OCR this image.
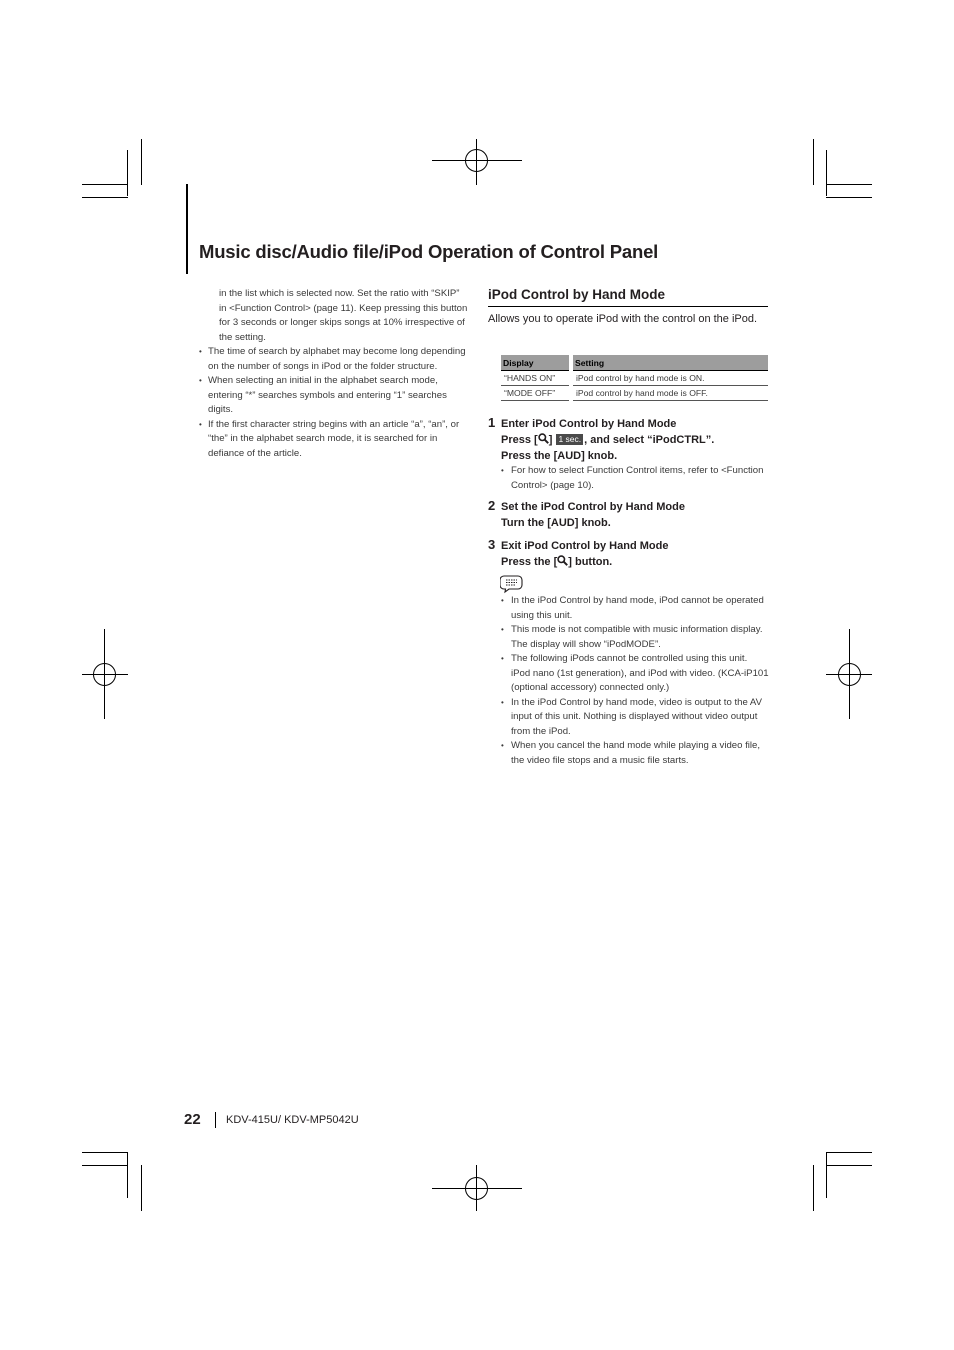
Music disc/Audio file/iPod Operation of Control Panel

in the list which is selected now. Set the ratio with “SKIP” in <Function Control> (page 11). Keep pressing this button for 3 seconds or longer skips songs at 10% irrespective of the setting.

• The time of search by alphabet may become long depending on the number of songs in iPod or the folder structure.
• When selecting an initial in the alphabet search mode, entering “*” searches symbols and entering “1” searches digits.
• If the first character string begins with an article “a”, “an”, or “the” in the alphabet search mode, it is searched for in defiance of the article.
iPod Control by Hand Mode
Allows you to operate iPod with the control on the iPod.
Display		Setting
“HANDS ON”		iPod control by hand mode is ON.
“MODE OFF”		iPod control by hand mode is OFF.
1 Enter iPod Control by Hand Mode
Press [ ] 1 sec. , and select “iPodCTRL”.
Press the [AUD] knob.
• For how to select Function Control items, refer to <Function Control> (page 10).
2 Set the iPod Control by Hand Mode
Turn the [AUD] knob.
3 Exit iPod Control by Hand Mode
Press the [ ] button.
• In the iPod Control by hand mode, iPod cannot be operated using this unit.
• This mode is not compatible with music information display. The display will show “iPodMODE”.
• The following iPods cannot be controlled using this unit. iPod nano (1st generation), and iPod with video. (KCA-iP101 (optional accessory) connected only.)
• In the iPod Control by hand mode, video is output to the AV input of this unit. Nothing is displayed without video output from the iPod.
• When you cancel the hand mode while playing a video file, the video file stops and a music file starts.
22 KDV-415U/ KDV-MP5042U
